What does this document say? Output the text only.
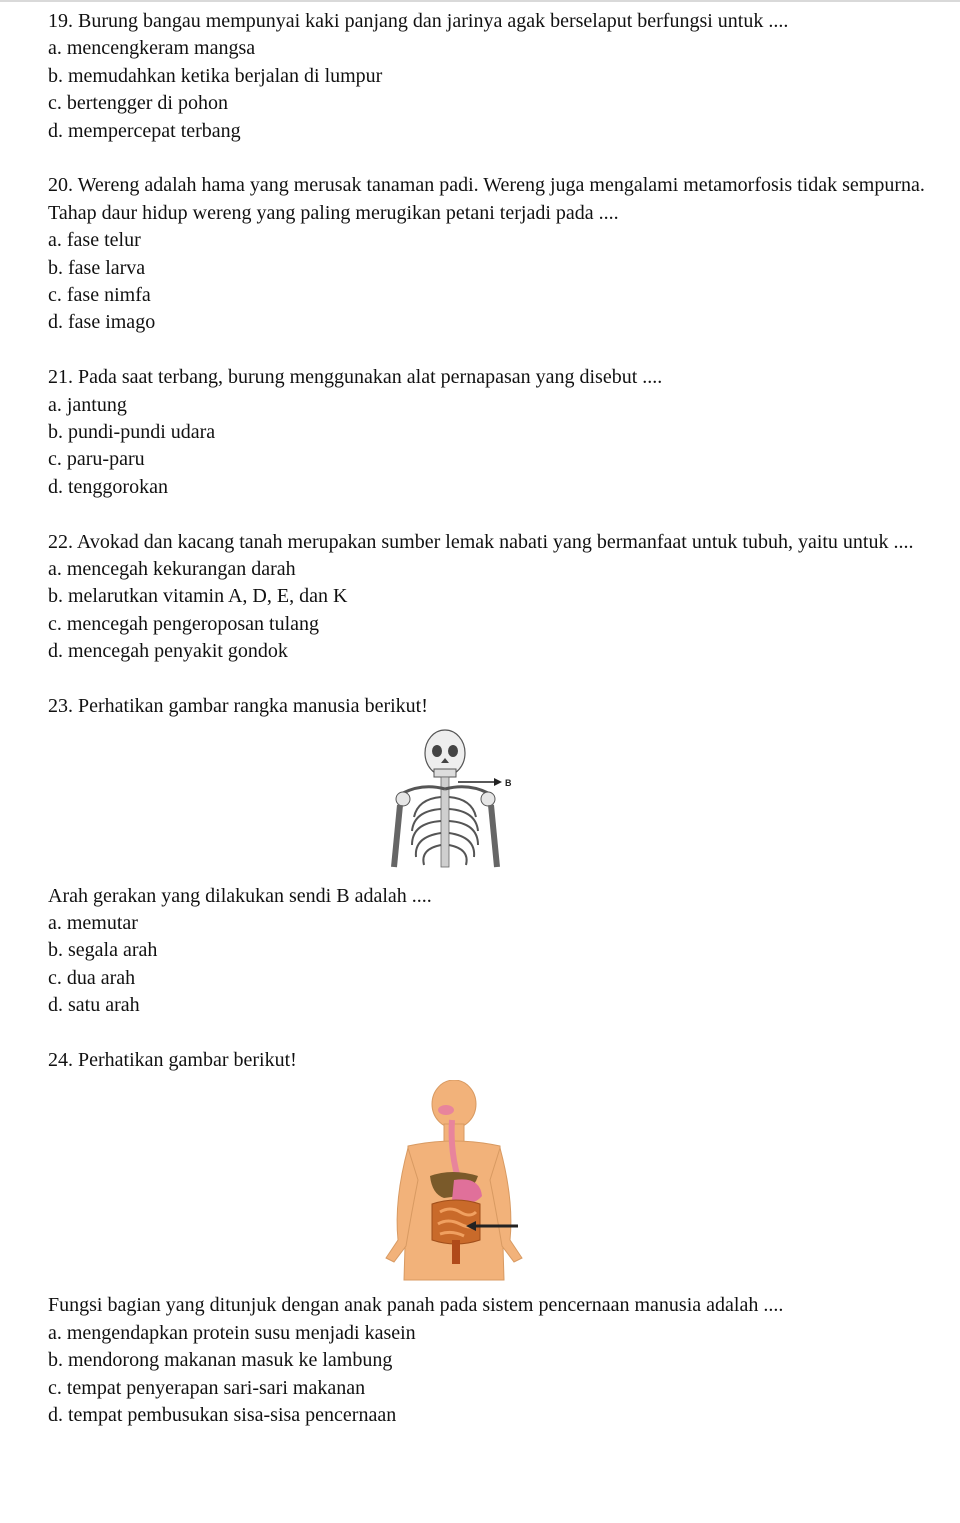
19. Burung bangau mempunyai kaki panjang dan jarinya agak berselaput berfungsi untuk ....
a. mencengkeram mangsa
b. memudahkan ketika berjalan di lumpur
c. bertengger di pohon
d. mempercepat terbang
20. Wereng adalah hama yang merusak tanaman padi. Wereng juga mengalami metamorfosis tidak sempurna. Tahap daur hidup wereng yang paling merugikan petani terjadi pada ....
a. fase telur
b. fase larva
c. fase nimfa
d. fase imago
21. Pada saat terbang, burung menggunakan alat pernapasan yang disebut ....
a. jantung
b. pundi-pundi udara
c. paru-paru
d. tenggorokan
22. Avokad dan kacang tanah merupakan sumber lemak nabati yang bermanfaat untuk tubuh, yaitu untuk ....
a. mencegah kekurangan darah
b. melarutkan vitamin A, D, E, dan K
c. mencegah pengeroposan tulang
d. mencegah penyakit gondok
23. Perhatikan gambar rangka manusia berikut!
B
Arah gerakan yang dilakukan sendi B adalah ....
a. memutar
b. segala arah
c. dua arah
d. satu arah
24. Perhatikan gambar berikut!
Fungsi bagian yang ditunjuk dengan anak panah pada sistem pencernaan manusia adalah ....
a. mengendapkan protein susu menjadi kasein
b. mendorong makanan masuk ke lambung
c. tempat penyerapan sari-sari makanan
d. tempat pembusukan sisa-sisa pencernaan
